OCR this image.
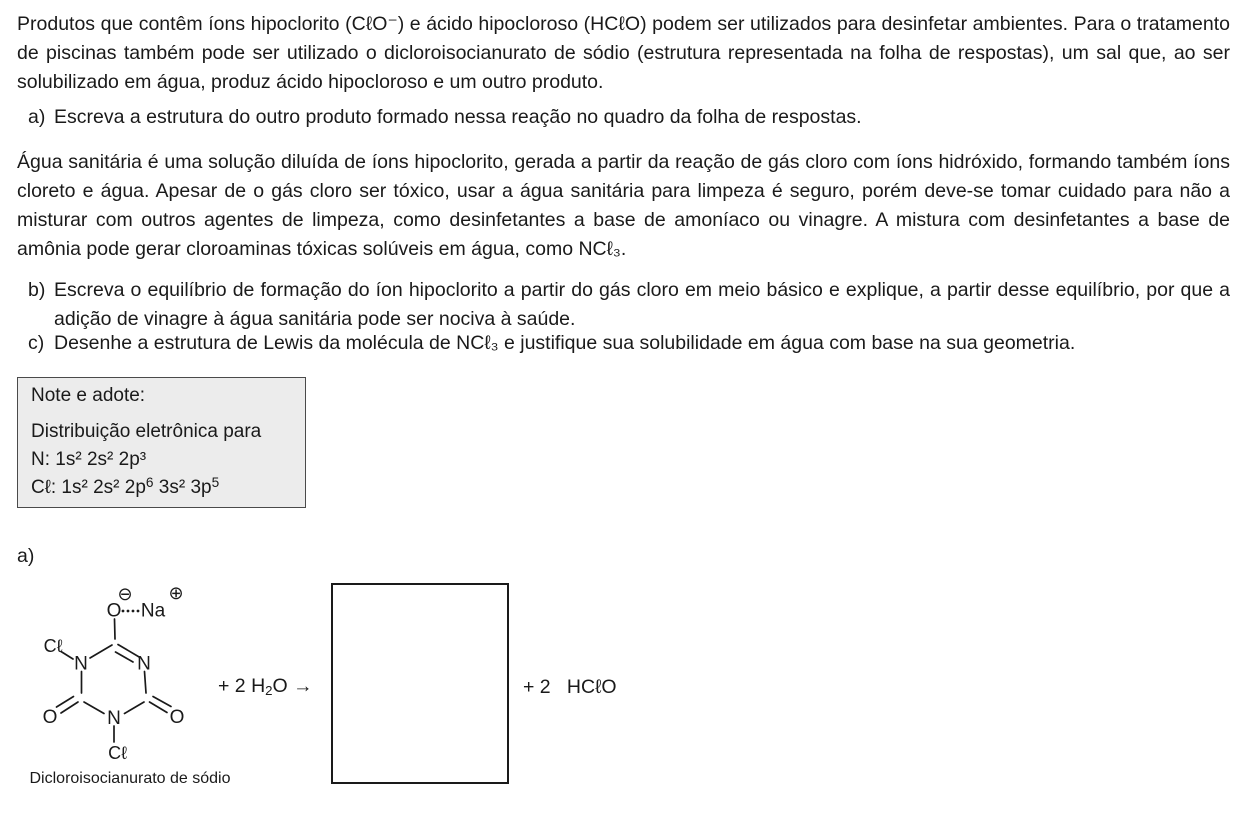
Produtos que contêm íons hipoclorito (CℓO⁻) e ácido hipocloroso (HCℓO) podem ser utilizados para desinfetar ambientes. Para o tratamento de piscinas também pode ser utilizado o dicloroisocianurato de sódio (estrutura representada na folha de respostas), um sal que, ao ser solubilizado em água, produz ácido hipocloroso e um outro produto.

a) Escreva a estrutura do outro produto formado nessa reação no quadro da folha de respostas.

Água sanitária é uma solução diluída de íons hipoclorito, gerada a partir da reação de gás cloro com íons hidróxido, formando também íons cloreto e água. Apesar de o gás cloro ser tóxico, usar a água sanitária para limpeza é seguro, porém deve-se tomar cuidado para não a misturar com outros agentes de limpeza, como desinfetantes a base de amoníaco ou vinagre. A mistura com desinfetantes a base de amônia pode gerar cloroaminas tóxicas solúveis em água, como NCℓ₃.

b) Escreva o equilíbrio de formação do íon hipoclorito a partir do gás cloro em meio básico e explique, a partir desse equilíbrio, por que a adição de vinagre à água sanitária pode ser nociva à saúde.
c) Desenhe a estrutura de Lewis da molécula de NCℓ₃ e justifique sua solubilidade em água com base na sua geometria.

Note e adote:

Distribuição eletrônica para

N: 1s² 2s² 2p³

Cℓ: 1s² 2s² $2p^6$ 3s² $3p^5$

a)
⊖ ⊕
O Na
Cℓ
N	N
N
O	O
Cℓ
Dicloroisocianurato de sódio
+ 2 $H_2O$ →	+ 2   HCℓO
